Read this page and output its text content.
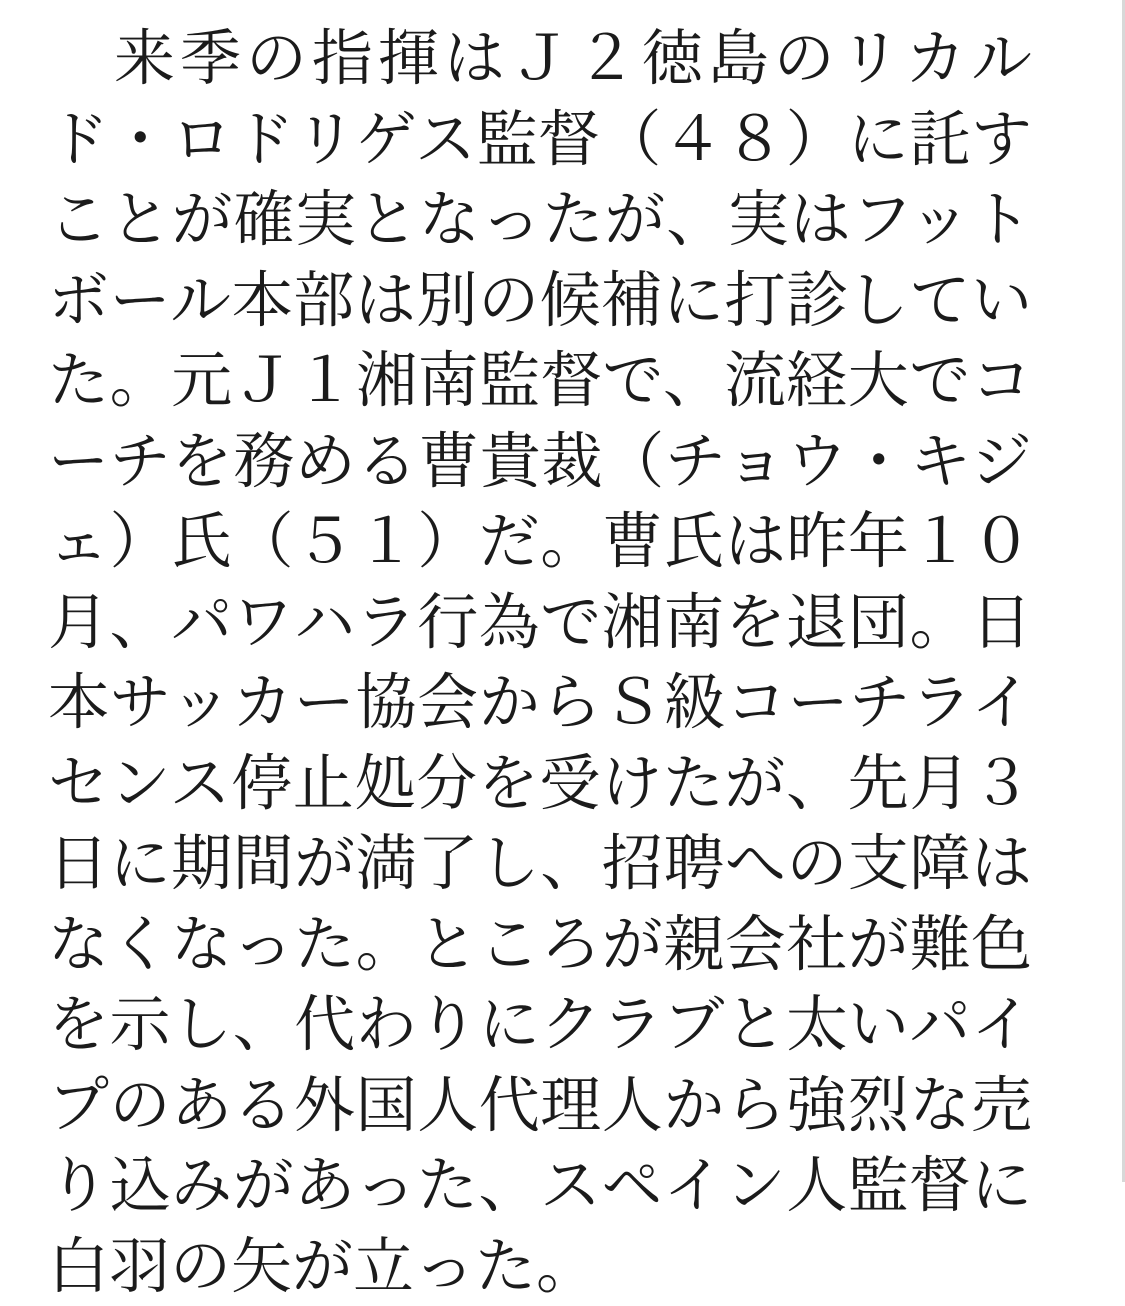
　来季の指揮はＪ２徳島のリカルド・ロドリゲス監督（４８）に託すことが確実となったが、実はフットボール本部は別の候補に打診していた。元Ｊ１湘南監督で、流経大でコーチを務める曹貴裁（チョウ・キジェ）氏（５１）だ。曹氏は昨年１０月、パワハラ行為で湘南を退団。日本サッカー協会からＳ級コーチライセンス停止処分を受けたが、先月３日に期間が満了し、招聘への支障はなくなった。ところが親会社が難色を示し、代わりにクラブと太いパイプのある外国人代理人から強烈な売り込みがあった、スペイン人監督に白羽の矢が立った。
